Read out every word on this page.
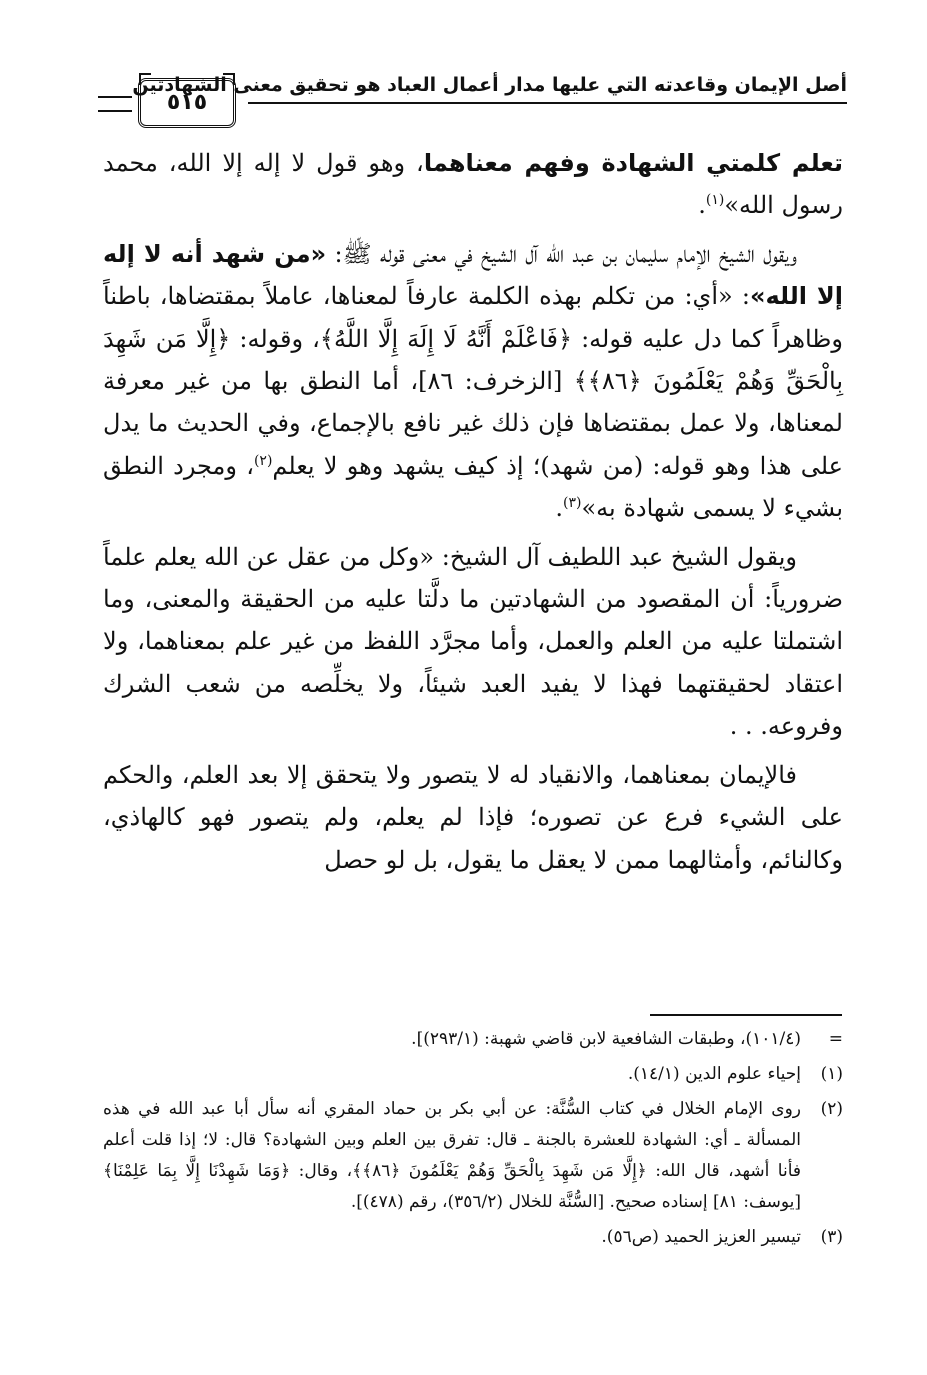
أصل الإيمان وقاعدته التي عليها مدار أعمال العباد هو تحقيق معنى الشهادتين
٥١٥

تعلم كلمتي الشهادة وفهم معناهما، وهو قول لا إله إلا الله، محمد رسول الله»$^{(١)}$.

ويقول الشيخ الإمام سليمان بن عبد الله آل الشيخ في معنى قوله ﷺ: «من شهد أنه لا إله إلا الله»: «أي: من تكلم بهذه الكلمة عارفاً لمعناها، عاملاً بمقتضاها، باطناً وظاهراً كما دل عليه قوله: ﴿فَاعْلَمْ أَنَّهُ لَا إِلَهَ إِلَّا اللَّهُ﴾، وقوله: ﴿إِلَّا مَن شَهِدَ بِالْحَقِّ وَهُمْ يَعْلَمُونَ ﴿٨٦﴾﴾ [الزخرف: ٨٦]، أما النطق بها من غير معرفة لمعناها، ولا عمل بمقتضاها فإن ذلك غير نافع بالإجماع، وفي الحديث ما يدل على هذا وهو قوله: (من شهد)؛ إذ كيف يشهد وهو لا يعلم$^{(٢)}$، ومجرد النطق بشيء لا يسمى شهادة به»$^{(٣)}$.

ويقول الشيخ عبد اللطيف آل الشيخ: «وكل من عقل عن الله يعلم علماً ضرورياً: أن المقصود من الشهادتين ما دلَّتا عليه من الحقيقة والمعنى، وما اشتملتا عليه من العلم والعمل، وأما مجرَّد اللفظ من غير علم بمعناهما، ولا اعتقاد لحقيقتهما فهذا لا يفيد العبد شيئاً، ولا يخلِّصه من شعب الشرك وفروعه. . .

فالإيمان بمعناهما، والانقياد له لا يتصور ولا يتحقق إلا بعد العلم، والحكم على الشيء فرع عن تصوره؛ فإذا لم يعلم، ولم يتصور فهو كالهاذي، وكالنائم، وأمثالهما ممن لا يعقل ما يقول، بل لو حصل

=
(١٠١/٤)، وطبقات الشافعية لابن قاضي شهبة: (٢٩٣/١)].
(١)
إحياء علوم الدين (١٤/١).
(٢)
روى الإمام الخلال في كتاب السُّنَّة: عن أبي بكر بن حماد المقري أنه سأل أبا عبد الله في هذه المسألة ـ أي: الشهادة للعشرة بالجنة ـ قال: تفرق بين العلم وبين الشهادة؟ قال: لا؛ إذا قلت أعلم فأنا أشهد، قال الله: ﴿إِلَّا مَن شَهِدَ بِالْحَقِّ وَهُمْ يَعْلَمُونَ ﴿٨٦﴾﴾، وقال: ﴿وَمَا شَهِدْنَا إِلَّا بِمَا عَلِمْنَا﴾ [يوسف: ٨١] إسناده صحيح. [السُّنَّة للخلال (٣٥٦/٢)، رقم (٤٧٨)].
(٣)
تيسير العزيز الحميد (ص٥٦).
